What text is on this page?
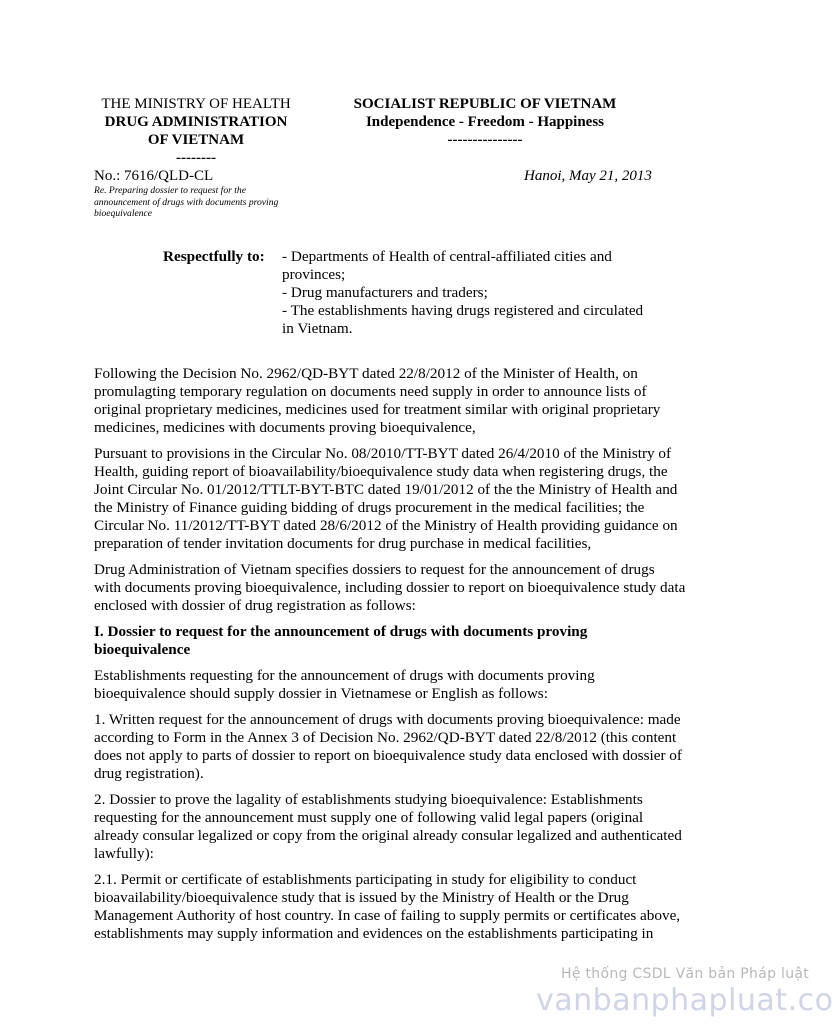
THE MINISTRY OF HEALTH
DRUG ADMINISTRATION
OF VIETNAM
--------
SOCIALIST REPUBLIC OF VIETNAM
Independence - Freedom - Happiness
---------------
No.: 7616/QLD-CL	Hanoi, May 21, 2013
Re. Preparing dossier to request for the
announcement of drugs with documents proving
bioequivalence
Respectfully to: - Departments of Health of central-affiliated cities and
provinces;
- Drug manufacturers and traders;
- The establishments having drugs registered and circulated
in Vietnam.
Following the Decision No. 2962/QD-BYT dated 22/8/2012 of the Minister of Health, on
promulagting temporary regulation on documents need supply in order to announce lists of
original proprietary medicines, medicines used for treatment similar with original proprietary
medicines, medicines with documents proving bioequivalence,
Pursuant to provisions in the Circular No. 08/2010/TT-BYT dated 26/4/2010 of the Ministry of
Health, guiding report of bioavailability/bioequivalence study data when registering drugs, the
Joint Circular No. 01/2012/TTLT-BYT-BTC dated 19/01/2012 of the the Ministry of Health and
the Ministry of Finance guiding bidding of drugs procurement in the medical facilities; the
Circular No. 11/2012/TT-BYT dated 28/6/2012 of the Ministry of Health providing guidance on
preparation of tender invitation documents for drug purchase in medical facilities,
Drug Administration of Vietnam specifies dossiers to request for the announcement of drugs
with documents proving bioequivalence, including dossier to report on bioequivalence study data
enclosed with dossier of drug registration as follows:
I. Dossier to request for the announcement of drugs with documents proving
bioequivalence
Establishments requesting for the announcement of drugs with documents proving
bioequivalence should supply dossier in Vietnamese or English as follows:
1. Written request for the announcement of drugs with documents proving bioequivalence: made
according to Form in the Annex 3 of Decision No. 2962/QD-BYT dated 22/8/2012 (this content
does not apply to parts of dossier to report on bioequivalence study data enclosed with dossier of
drug registration).
2. Dossier to prove the lagality of establishments studying bioequivalence: Establishments
requesting for the announcement must supply one of following valid legal papers (original
already consular legalized or copy from the original already consular legalized and authenticated
lawfully):
2.1. Permit or certificate of establishments participating in study for eligibility to conduct
bioavailability/bioequivalence study that is issued by the Ministry of Health or the Drug
Management Authority of host country. In case of failing to supply permits or certificates above,
establishments may supply information and evidences on the establishments participating in
Hệ thống CSDL Văn bản Pháp luật
vanbanphapluat.co
